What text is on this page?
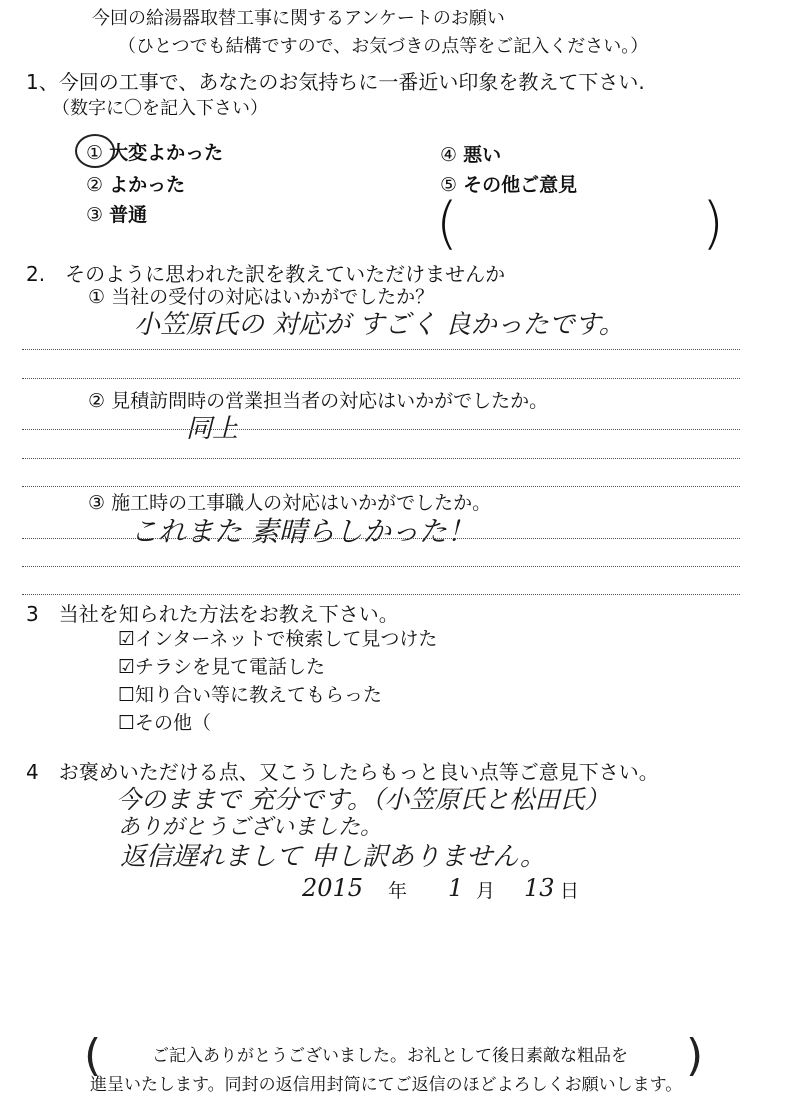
今回の給湯器取替工事に関するアンケートのお願い
（ひとつでも結構ですので、お気づきの点等をご記入ください。）
1、今回の工事で、あなたのお気持ちに一番近い印象を教えて下さい.
（数字に〇を記入下さい）
① 大変よかった
② よかった
③ 普通
④ 悪い
⑤ その他ご意見
(	)
2.　そのように思われた訳を教えていただけませんか
① 当社の受付の対応はいかがでしたか？
小笠原氏の 対応が すごく 良かったです。
② 見積訪問時の営業担当者の対応はいかがでしたか。
同上
③ 施工時の工事職人の対応はいかがでしたか。
これまた 素晴らしかった！
3　当社を知られた方法をお教え下さい。
☑インターネットで検索して見つけた
☑チラシを見て電話した
☐知り合い等に教えてもらった
☐その他（
4　お褒めいただける点、又こうしたらもっと良い点等ご意見下さい。
今のままで 充分です。（小笠原氏と松田氏）
ありがとうございました。
返信遅れまして 申し訳ありません。
2015 年 1 月 13 日
(	)
ご記入ありがとうございました。お礼として後日素敵な粗品を
進呈いたします。同封の返信用封筒にてご返信のほどよろしくお願いします。
